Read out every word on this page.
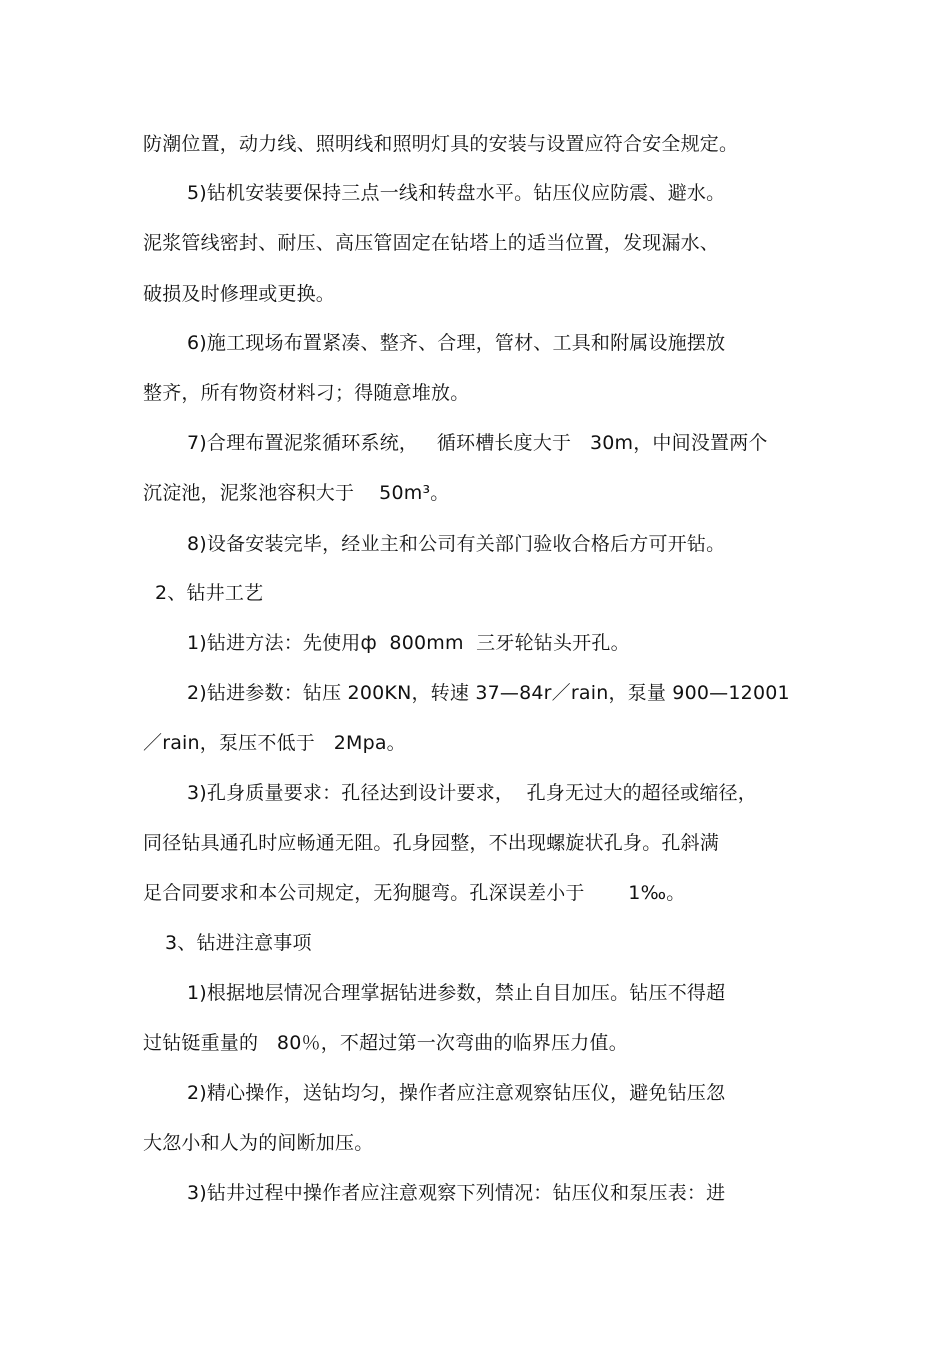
防潮位置，动力线、照明线和照明灯具的安装与设置应符合安全规定。
5)钻机安装要保持三点一线和转盘水平。钻压仪应防震、避水。
泥浆管线密封、耐压、高压管固定在钻塔上的适当位置，发现漏水、
破损及时修理或更换。
6)施工现场布置紧凑、整齐、合理，管材、工具和附属设施摆放
整齐，所有物资材料刁；得随意堆放。
7)合理布置泥浆循环系统，   循环槽长度大于   30m，中间没置两个
沉淀池，泥浆池容积大于    50m³。
8)设备安装完毕，经业主和公司有关部门验收合格后方可开钻。
2、钻井工艺
1)钻进方法：先使用ф  800mm  三牙轮钻头开孔。
2)钻进参数：钻压 200KN，转速 37—84r／rain，泵量 900—12001
／rain，泵压不低于   2Mpa。
3)孔身质量要求：孔径达到设计要求，  孔身无过大的超径或缩径，
同径钻具通孔时应畅通无阻。孔身园整，不出现螺旋状孔身。孔斜满
足合同要求和本公司规定，无狗腿弯。孔深误差小于       1‰。
3、钻进注意事项
1)根据地层情况合理掌据钻进参数，禁止自目加压。钻压不得超
过钻铤重量的   80％，不超过第一次弯曲的临界压力值。
2)精心操作，送钻均匀，操作者应注意观察钻压仪，避免钻压忽
大忽小和人为的间断加压。
3)钻井过程中操作者应注意观察下列情况：钻压仪和泵压表：进
